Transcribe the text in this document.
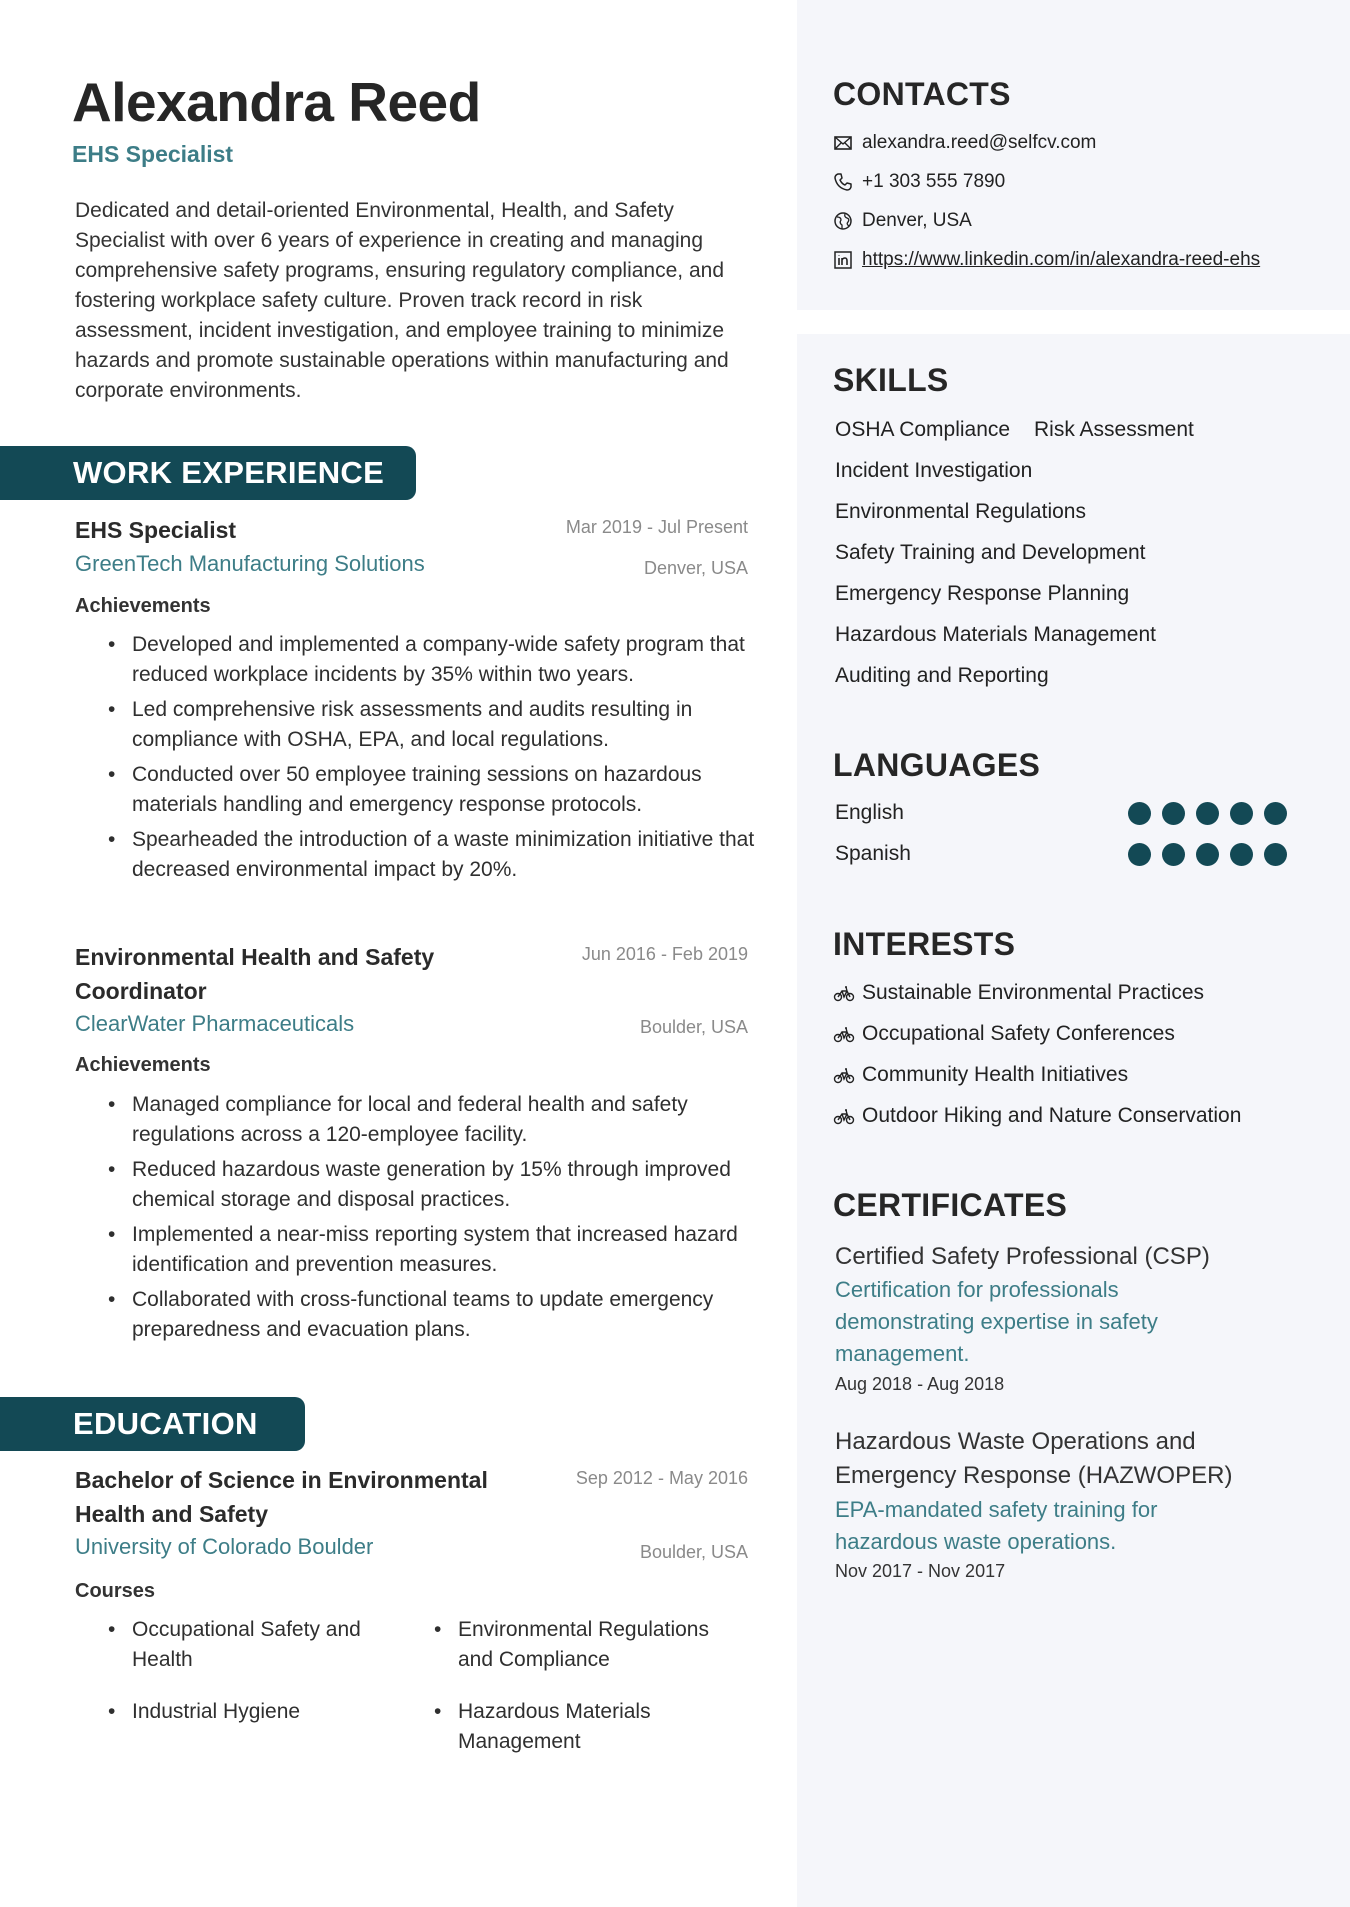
Alexandra Reed
EHS Specialist

Dedicated and detail-oriented Environmental, Health, and Safety Specialist with over 6 years of experience in creating and managing comprehensive safety programs, ensuring regulatory compliance, and fostering workplace safety culture. Proven track record in risk assessment, incident investigation, and employee training to minimize hazards and promote sustainable operations within manufacturing and corporate environments.

WORK EXPERIENCE
EHS Specialist	Mar 2019 - Jul Present
GreenTech Manufacturing Solutions	Denver, USA
Achievements
• Developed and implemented a company-wide safety program that reduced workplace incidents by 35% within two years.
• Led comprehensive risk assessments and audits resulting in compliance with OSHA, EPA, and local regulations.
• Conducted over 50 employee training sessions on hazardous materials handling and emergency response protocols.
• Spearheaded the introduction of a waste minimization initiative that decreased environmental impact by 20%.
Environmental Health and Safety Coordinator
Jun 2016 - Feb 2019
ClearWater Pharmaceuticals	Boulder, USA
Achievements
• Managed compliance for local and federal health and safety regulations across a 120-employee facility.
• Reduced hazardous waste generation by 15% through improved chemical storage and disposal practices.
• Implemented a near-miss reporting system that increased hazard identification and prevention measures.
• Collaborated with cross-functional teams to update emergency preparedness and evacuation plans.
EDUCATION
Bachelor of Science in Environmental Health and Safety
Sep 2012 - May 2016
University of Colorado Boulder	Boulder, USA
Courses
• Occupational Safety and Health
• Environmental Regulations and Compliance
• Industrial Hygiene
•	Hazardous Materials Management
CONTACTS
alexandra.reed@selfcv.com
+1 303 555 7890
Denver, USA
https://www.linkedin.com/in/alexandra-reed-ehs
SKILLS
OSHA Compliance Risk Assessment
Incident Investigation
Environmental Regulations
Safety Training and Development
Emergency Response Planning
Hazardous Materials Management
Auditing and Reporting
LANGUAGES
English
Spanish
INTERESTS
Sustainable Environmental Practices
Occupational Safety Conferences
Community Health Initiatives
Outdoor Hiking and Nature Conservation
CERTIFICATES
Certified Safety Professional (CSP)
Certification for professionals demonstrating expertise in safety management.
Aug 2018 - Aug 2018
Hazardous Waste Operations and Emergency Response (HAZWOPER)
EPA-mandated safety training for hazardous waste operations.
Nov 2017 - Nov 2017
